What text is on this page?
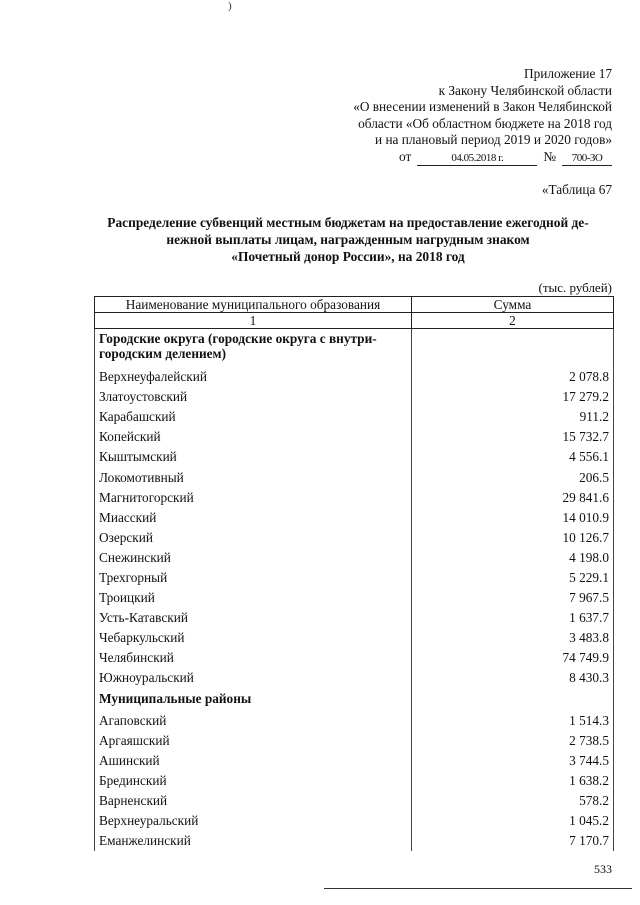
)
Приложение 17
к Закону Челябинской области
«О внесении изменений в Закон Челябинской
области «Об областном бюджете на 2018 год
и на плановый период 2019 и 2020 годов»
от	04.05.2018 г.	№	700-ЗО
«Таблица 67
Распределение субвенций местным бюджетам на предоставление ежегодной де-
нежной выплаты лицам, награжденным нагрудным знаком
«Почетный донор России», на 2018 год
(тыс. рублей)
Наименование муниципального образования	Сумма
1	2
Городские округа (городские округа с внутри-городским делением)	
Верхнеуфалейский	2 078.8
Златоустовский	17 279.2
Карабашский	911.2
Копейский	15 732.7
Кыштымский	4 556.1
Локомотивный	206.5
Магнитогорский	29 841.6
Миасский	14 010.9
Озерский	10 126.7
Снежинский	4 198.0
Трехгорный	5 229.1
Троицкий	7 967.5
Усть-Катавский	1 637.7
Чебаркульский	3 483.8
Челябинский	74 749.9
Южноуральский	8 430.3
Муниципальные районы	
Агаповский	1 514.3
Аргаяшский	2 738.5
Ашинский	3 744.5
Брединский	1 638.2
Варненский	578.2
Верхнеуральский	1 045.2
Еманжелинский	7 170.7
533
